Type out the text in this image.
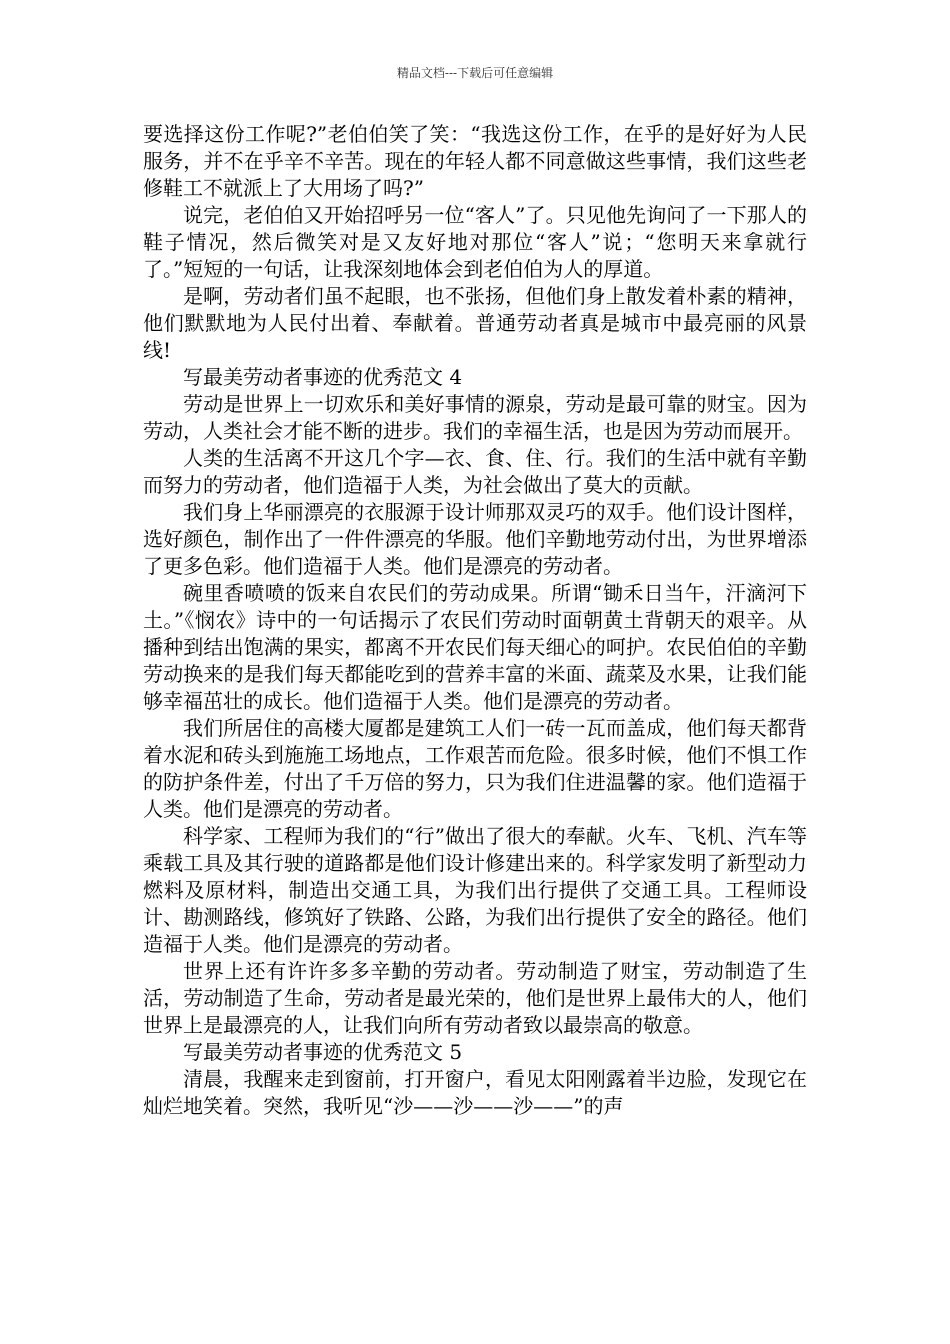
精品文档---下载后可任意编辑

要选择这份工作呢?”老伯伯笑了笑：“我选这份工作，在乎的是好好为人民服务，并不在乎辛不辛苦。现在的年轻人都不同意做这些事情，我们这些老修鞋工不就派上了大用场了吗?”

说完，老伯伯又开始招呼另一位“客人”了。只见他先询问了一下那人的鞋子情况，然后微笑对是又友好地对那位“客人”说；“您明天来拿就行了。”短短的一句话，让我深刻地体会到老伯伯为人的厚道。

是啊，劳动者们虽不起眼，也不张扬，但他们身上散发着朴素的精神，他们默默地为人民付出着、奉献着。普通劳动者真是城市中最亮丽的风景线!

写最美劳动者事迹的优秀范文 4

劳动是世界上一切欢乐和美好事情的源泉，劳动是最可靠的财宝。因为劳动，人类社会才能不断的进步。我们的幸福生活，也是因为劳动而展开。

人类的生活离不开这几个字—衣、食、住、行。我们的生活中就有辛勤而努力的劳动者，他们造福于人类，为社会做出了莫大的贡献。

我们身上华丽漂亮的衣服源于设计师那双灵巧的双手。他们设计图样，选好颜色，制作出了一件件漂亮的华服。他们辛勤地劳动付出，为世界增添了更多色彩。他们造福于人类。他们是漂亮的劳动者。

碗里香喷喷的饭来自农民们的劳动成果。所谓“锄禾日当午，汗滴河下土。”《悯农》诗中的一句话揭示了农民们劳动时面朝黄土背朝天的艰辛。从播种到结出饱满的果实，都离不开农民们每天细心的呵护。农民伯伯的辛勤劳动换来的是我们每天都能吃到的营养丰富的米面、蔬菜及水果，让我们能够幸福茁壮的成长。他们造福于人类。他们是漂亮的劳动者。

我们所居住的高楼大厦都是建筑工人们一砖一瓦而盖成，他们每天都背着水泥和砖头到施施工场地点，工作艰苦而危险。很多时候，他们不惧工作的防护条件差，付出了千万倍的努力，只为我们住进温馨的家。他们造福于人类。他们是漂亮的劳动者。

科学家、工程师为我们的“行”做出了很大的奉献。火车、飞机、汽车等乘载工具及其行驶的道路都是他们设计修建出来的。科学家发明了新型动力燃料及原材料，制造出交通工具，为我们出行提供了交通工具。工程师设计、勘测路线，修筑好了铁路、公路，为我们出行提供了安全的路径。他们造福于人类。他们是漂亮的劳动者。

世界上还有许许多多辛勤的劳动者。劳动制造了财宝，劳动制造了生活，劳动制造了生命，劳动者是最光荣的，他们是世界上最伟大的人，他们世界上是最漂亮的人，让我们向所有劳动者致以最崇高的敬意。

写最美劳动者事迹的优秀范文 5

清晨，我醒来走到窗前，打开窗户，看见太阳刚露着半边脸，发现它在灿烂地笑着。突然，我听见“沙——沙——沙——”的声
